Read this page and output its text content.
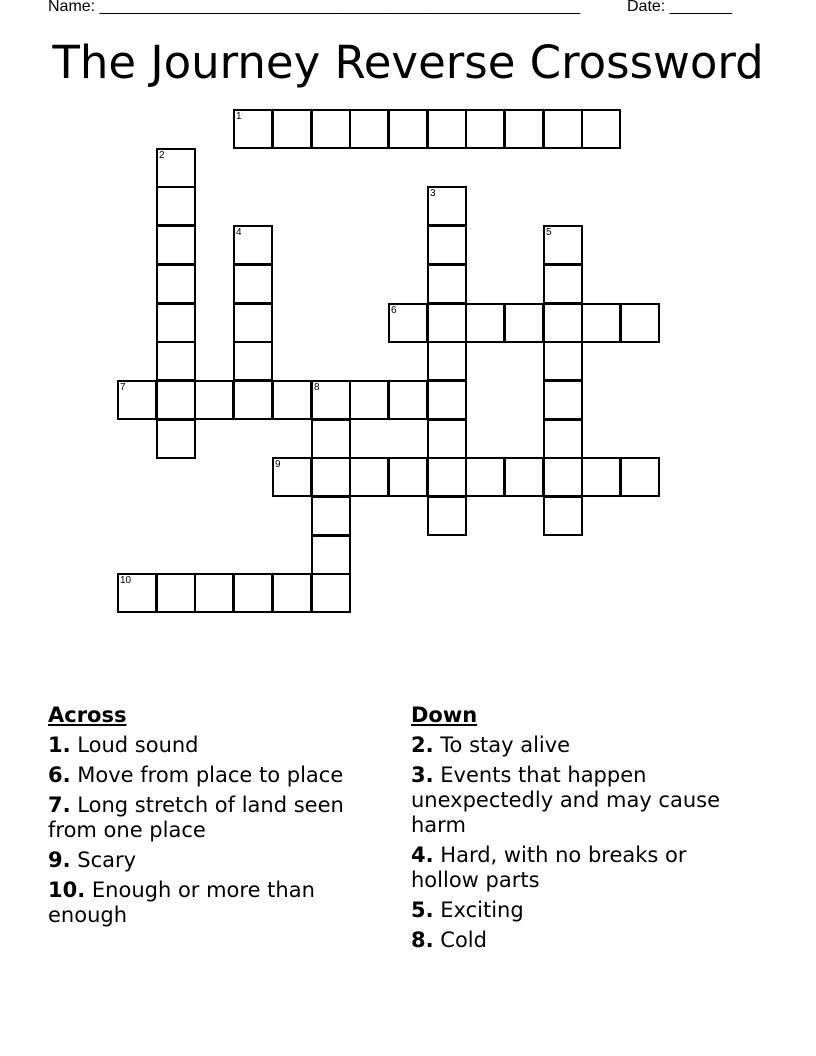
Name: ______________________________________________________	Date: _______
The Journey Reverse Crossword
1
2
3
4	5
6
7	8
9
10
Across
1. Loud sound
6. Move from place to place
7. Long stretch of land seen from one place
9. Scary
10. Enough or more than enough
Down
2. To stay alive
3. Events that happen unexpectedly and may cause harm
4. Hard, with no breaks or hollow parts
5. Exciting
8. Cold
